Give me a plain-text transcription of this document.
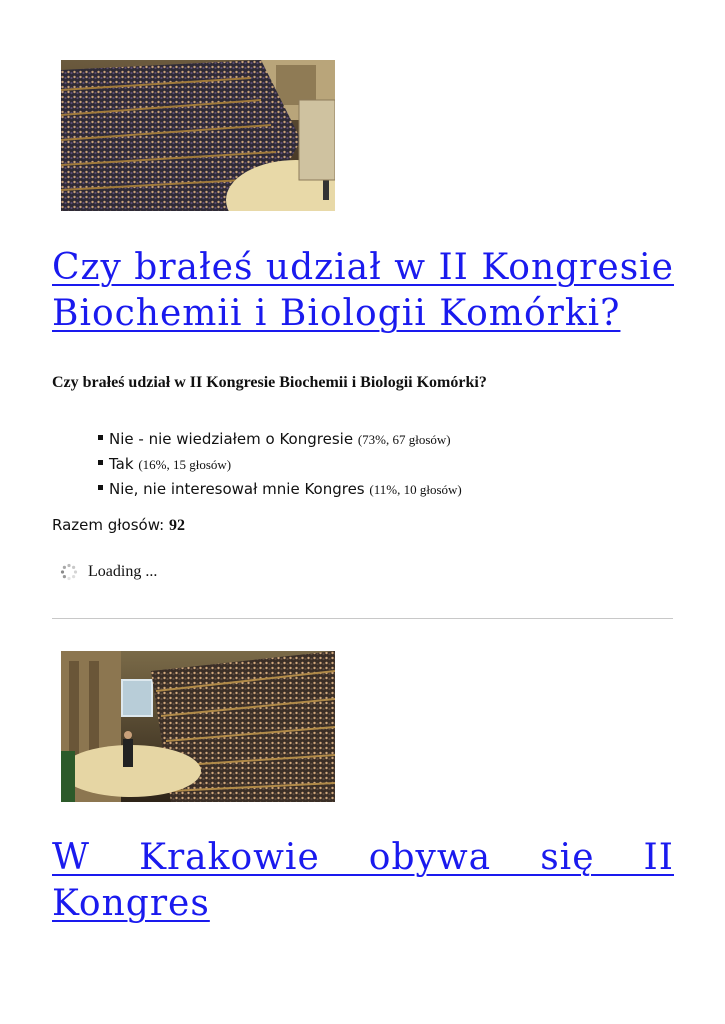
Czy brałeś udział w II Kongresie Biochemii i Biologii Komórki?
Czy brałeś udział w II Kongresie Biochemii i Biologii Komórki?
Nie - nie wiedziałem o Kongresie (73%, 67 głosów)
Tak (16%, 15 głosów)
Nie, nie interesował mnie Kongres (11%, 10 głosów)
Razem głosów: 92
Loading ...
W Krakowie obywa się II Kongres
